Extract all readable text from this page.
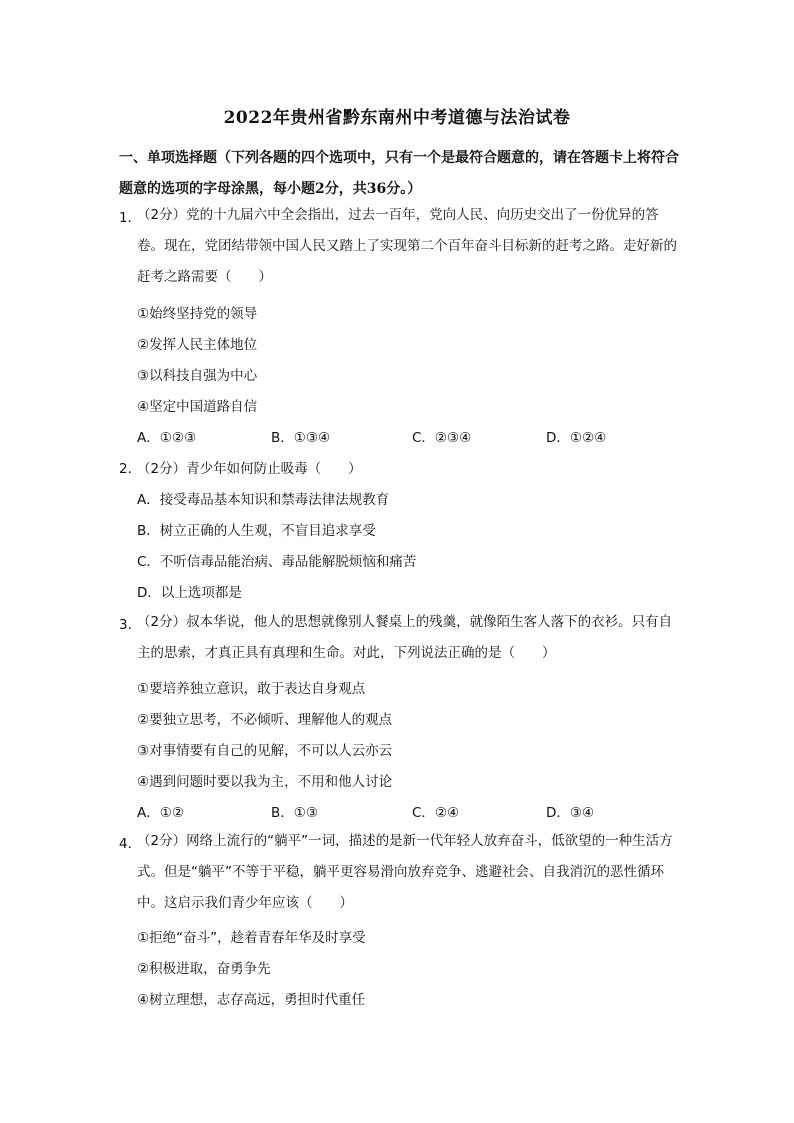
2022年贵州省黔东南州中考道德与法治试卷
一、单项选择题（下列各题的四个选项中，只有一个是最符合题意的，请在答题卡上将符合题意的选项的字母涂黑，每小题2分，共36分。）
1．
（2分）党的十九届六中全会指出，过去一百年，党向人民、向历史交出了一份优异的答卷。现在，党团结带领中国人民又踏上了实现第二个百年奋斗目标新的赶考之路。走好新的赶考之路需要（　　）
①始终坚持党的领导
②发挥人民主体地位
③以科技自强为中心
④坚定中国道路自信
A．①②③	B．①③④	C．②③④	D．①②④
2．
（2分）青少年如何防止吸毒（　　）
A．接受毒品基本知识和禁毒法律法规教育
B．树立正确的人生观，不盲目追求享受
C．不听信毒品能治病、毒品能解脱烦恼和痛苦
D．以上选项都是
3．
（2分）叔本华说，他人的思想就像别人餐桌上的残羹，就像陌生客人落下的衣衫。只有自主的思索，才真正具有真理和生命。对此，下列说法正确的是（　　）
①要培养独立意识，敢于表达自身观点
②要独立思考，不必倾听、理解他人的观点
③对事情要有自己的见解，不可以人云亦云
④遇到问题时要以我为主，不用和他人讨论
A．①②	B．①③	C．②④	D．③④
4．
（2分）网络上流行的“躺平”一词，描述的是新一代年轻人放弃奋斗，低欲望的一种生活方式。但是“躺平”不等于平稳，躺平更容易滑向放弃竞争、逃避社会、自我消沉的恶性循环中。这启示我们青少年应该（　　）
①拒绝“奋斗”，趁着青春年华及时享受
②积极进取，奋勇争先
④树立理想，志存高远，勇担时代重任
